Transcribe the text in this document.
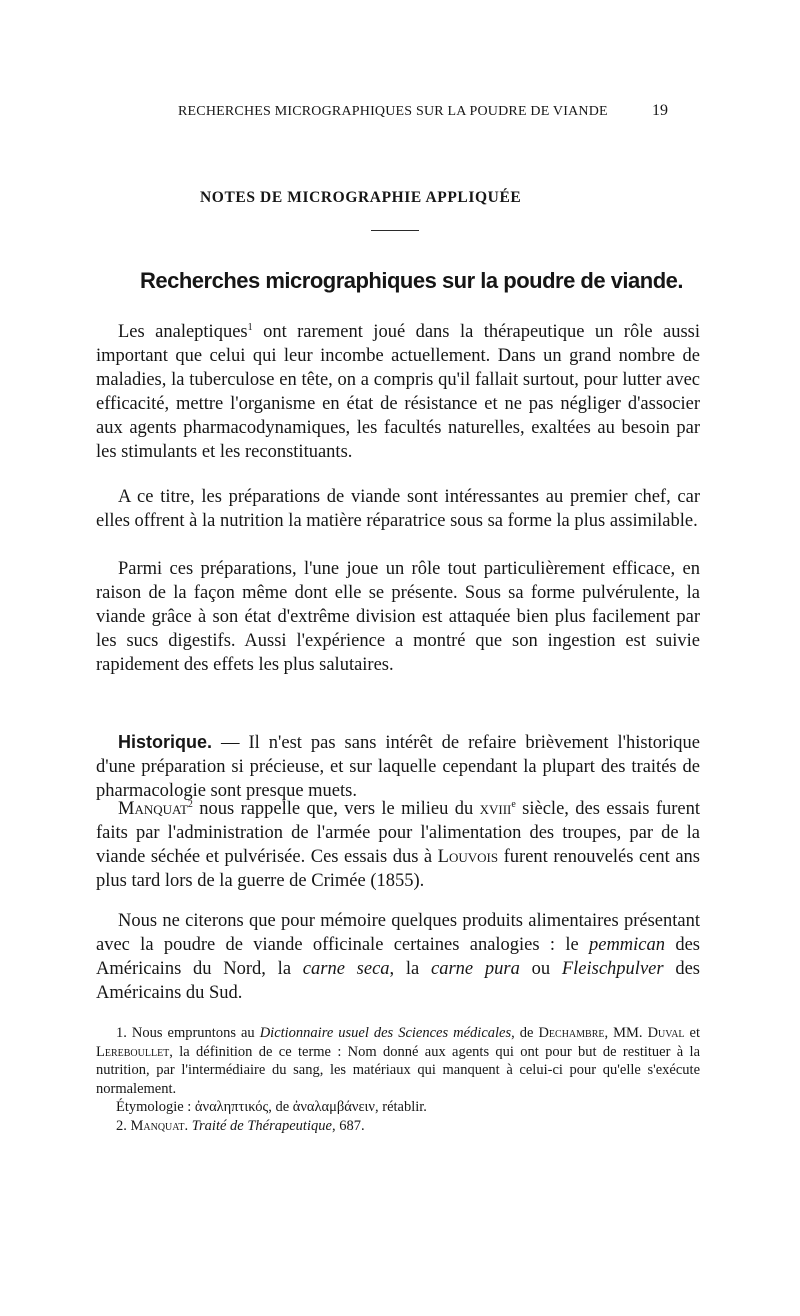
RECHERCHES MICROGRAPHIQUES SUR LA POUDRE DE VIANDE	19
NOTES DE MICROGRAPHIE APPLIQUÉE
Recherches micrographiques sur la poudre de viande.

Les analeptiques$^1$ ont rarement joué dans la thérapeutique un rôle aussi important que celui qui leur incombe actuellement. Dans un grand nombre de maladies, la tuberculose en tête, on a compris qu'il fallait surtout, pour lutter avec efficacité, mettre l'organisme en état de résistance et ne pas négliger d'associer aux agents pharmacodynamiques, les facultés naturelles, exaltées au besoin par les stimulants et les reconstituants.

A ce titre, les préparations de viande sont intéressantes au premier chef, car elles offrent à la nutrition la matière réparatrice sous sa forme la plus assimilable.

Parmi ces préparations, l'une joue un rôle tout particulièrement efficace, en raison de la façon même dont elle se présente. Sous sa forme pulvérulente, la viande grâce à son état d'extrême division est attaquée bien plus facilement par les sucs digestifs. Aussi l'expérience a montré que son ingestion est suivie rapidement des effets les plus salutaires.

Historique. — Il n'est pas sans intérêt de refaire brièvement l'historique d'une préparation si précieuse, et sur laquelle cependant la plupart des traités de pharmacologie sont presque muets.

Manquat$^2$ nous rappelle que, vers le milieu du xviii$^e$ siècle, des essais furent faits par l'administration de l'armée pour l'alimentation des troupes, par de la viande séchée et pulvérisée. Ces essais dus à Louvois furent renouvelés cent ans plus tard lors de la guerre de Crimée (1855).

Nous ne citerons que pour mémoire quelques produits alimentaires présentant avec la poudre de viande officinale certaines analogies : le pemmican des Américains du Nord, la carne seca, la carne pura ou Fleischpulver des Américains du Sud.

1. Nous empruntons au Dictionnaire usuel des Sciences médicales, de Dechambre, MM. Duval et Lereboullet, la définition de ce terme : Nom donné aux agents qui ont pour but de restituer à la nutrition, par l'intermédiaire du sang, les matériaux qui manquent à celui-ci pour qu'elle s'exécute normalement.
Étymologie : ἀναληπτικός, de ἀναλαμβάνειν, rétablir.
2. Manquat. Traité de Thérapeutique, 687.
